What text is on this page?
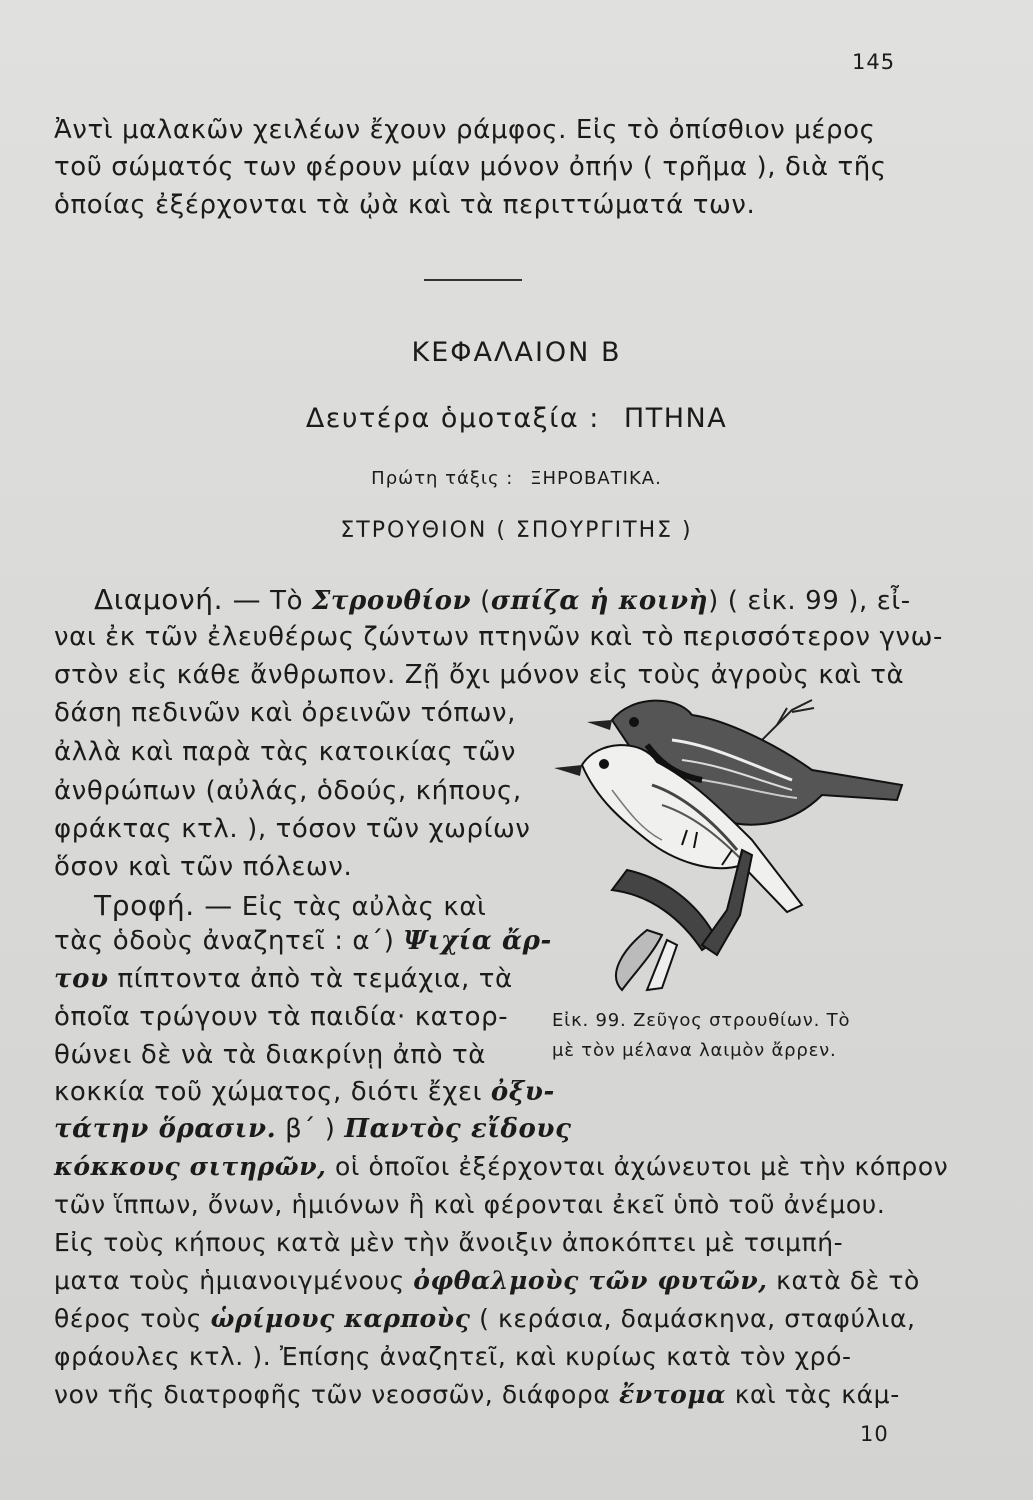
145
Ἀντὶ μαλακῶν χειλέων ἔχουν ράμφος. Εἰς τὸ ὀπίσθιον μέρος
τοῦ σώματός των φέρουν μίαν μόνον ὀπήν ( τρῆμα ), διὰ τῆς
ὁποίας ἐξέρχονται τὰ ᾠὰ καὶ τὰ περιττώματά των.
ΚΕΦΑΛΑΙΟΝ Β
Δευτέρα ὁμοταξία : ΠΤΗΝΑ
Πρώτη τάξις : ΞΗΡΟΒΑΤΙΚΑ.
ΣΤΡΟΥΘΙΟΝ ( ΣΠΟΥΡΓΙΤΗΣ )
Διαμονή. — Τὸ Στρουθίον (σπίζα ἡ κοινὴ) ( εἰκ. 99 ), εἶ-
ναι ἐκ τῶν ἐλευθέρως ζώντων πτηνῶν καὶ τὸ περισσότερον γνω-
στὸν εἰς κάθε ἄνθρωπον. Ζῇ ὄχι μόνον εἰς τοὺς ἀγροὺς καὶ τὰ
δάση πεδινῶν καὶ ὀρεινῶν τόπων,
ἀλλὰ καὶ παρὰ τὰς κατοικίας τῶν
ἀνθρώπων (αὐλάς, ὁδούς, κήπους,
φράκτας κτλ. ), τόσον τῶν χωρίων
ὅσον καὶ τῶν πόλεων.
Τροφή. — Εἰς τὰς αὐλὰς καὶ
τὰς ὁδοὺς ἀναζητεῖ : α΄) Ψιχία ἄρ-
του πίπτοντα ἀπὸ τὰ τεμάχια, τὰ
ὁποῖα τρώγουν τὰ παιδία· κατορ-
θώνει δὲ νὰ τὰ διακρίνῃ ἀπὸ τὰ
κοκκία τοῦ χώματος, διότι ἔχει ὀξυ-
τάτην ὅρασιν. β΄ ) Παντὸς εἴδους
κόκκους σιτηρῶν, οἱ ὁποῖοι ἐξέρχονται ἀχώνευτοι μὲ τὴν κόπρον
τῶν ἵππων, ὄνων, ἡμιόνων ἢ καὶ φέρονται ἐκεῖ ὑπὸ τοῦ ἀνέμου.
Εἰς τοὺς κήπους κατὰ μὲν τὴν ἄνοιξιν ἀποκόπτει μὲ τσιμπή-
ματα τοὺς ἡμιανοιγμένους ὀφθαλμοὺς τῶν φυτῶν, κατὰ δὲ τὸ
θέρος τοὺς ὡρίμους καρποὺς ( κεράσια, δαμάσκηνα, σταφύλια,
φράουλες κτλ. ). Ἐπίσης ἀναζητεῖ, καὶ κυρίως κατὰ τὸν χρό-
νον τῆς διατροφῆς τῶν νεοσσῶν, διάφορα ἔντομα καὶ τὰς κάμ-
10
Εἰκ. 99. Ζεῦγος στρουθίων. Τὸ
μὲ τὸν μέλανα λαιμὸν ἄρρεν.
